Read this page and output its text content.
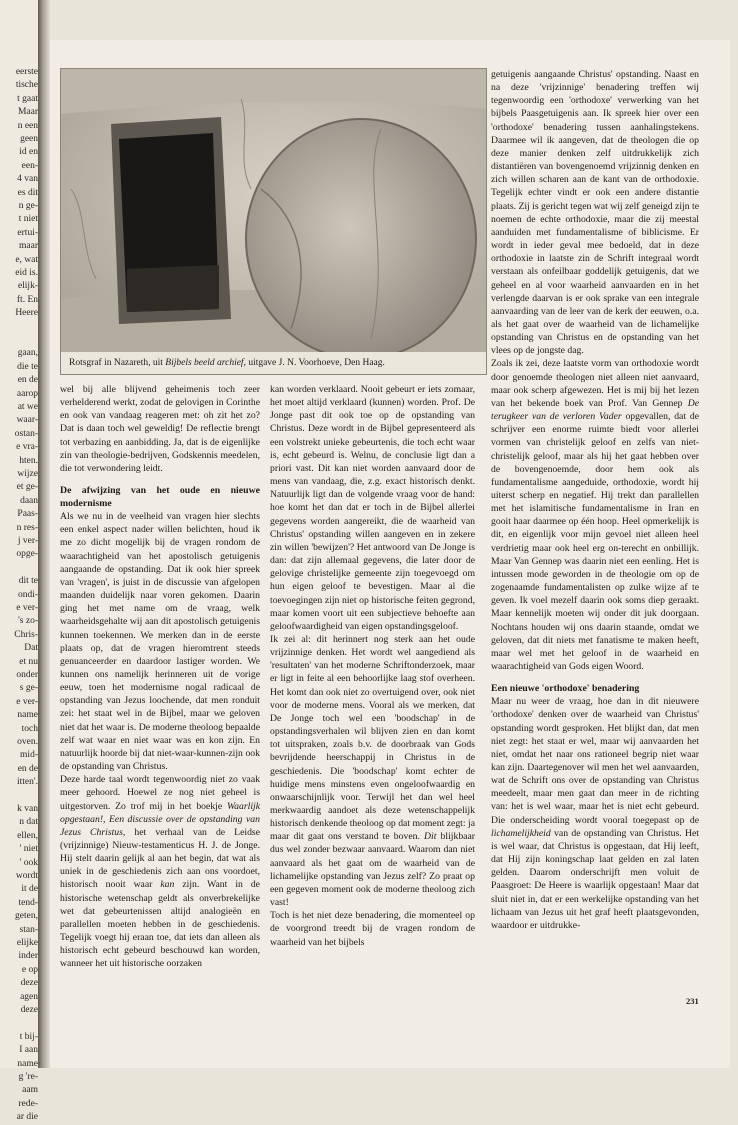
eerste
tische
t gaat
Maar
n een
geen
id en
een-
4 van
es dit
n ge-
t niet
ertui-
maar
e, wat
eid is.
elijk-
ft. En
Heere
gaan,
die te
en de
aarop
at we
waar-
ostan-
e vra-
hten.
wijze
et ge-
daan
Paas-
n res-
j ver-
opge-
dit te
ondi-
e ver-
's zo-
Chris-
Dat
et nu
onder
s ge-
e ver-
name
toch
oven.
mid-
en de
itten'.
k van
n dat
ellen,
' niet
' ook
wordt
it de
tend-
geten,
stan-
elijke
inder
e op
deze
agen
deze
t bij-
I aan
name
g 're-
aam
rede-
ar die
Rotsgraf in Nazareth, uit Bijbels beeld archief, uitgave J. N. Voorhoeve, Den Haag.

wel bij alle blijvend geheimenis toch zeer verhelderend werkt, zodat de gelovigen in Corinthe en ook van vandaag reageren met: oh zit het zo? Dat is daan toch wel geweldig! De reflectie brengt tot verbazing en aanbidding. Ja, dat is de eigenlijke zin van theologie-bedrijven, Godskennis meedelen, die tot verwondering leidt.

De afwijzing van het oude en nieuwe modernisme

Als we nu in de veelheid van vragen hier slechts een enkel aspect nader willen belichten, houd ik me zo dicht mogelijk bij de vragen rondom de waarachtigheid van het apostolisch getuigenis aangaande de opstanding. Dat ik ook hier spreek van 'vragen', is juist in de discussie van afgelopen maanden duidelijk naar voren gekomen. Daarin ging het met name om de vraag, welk waarheidsgehalte wij aan dit apostolisch getuigenis kunnen toekennen. We merken dan in de eerste plaats op, dat de vragen hieromtrent steeds genuanceerder en daardoor lastiger worden. We kunnen ons namelijk herinneren uit de vorige eeuw, toen het modernisme nogal radicaal de opstanding van Jezus loochende, dat men ronduit zei: het staat wel in de Bijbel, maar we geloven niet dat het waar is. De moderne theoloog bepaalde zelf wat waar en niet waar was en kon zijn. En natuurlijk hoorde bij dat niet-waar-kunnen-zijn ook de opstanding van Christus.

Deze harde taal wordt tegenwoordig niet zo vaak meer gehoord. Hoewel ze nog niet geheel is uitgestorven. Zo trof mij in het boekje Waarlijk opgestaan!, Een discussie over de opstanding van Jezus Christus, het verhaal van de Leidse (vrijzinnige) Nieuw-testamenticus H. J. de Jonge. Hij stelt daarin gelijk al aan het begin, dat wat als uniek in de geschiedenis zich aan ons voordoet, historisch nooit waar kan zijn. Want in de historische wetenschap geldt als onverbrekelijke wet dat gebeurtenissen altijd analogieën en parallellen moeten hebben in de geschiedenis. Tegelijk voegt hij eraan toe, dat iets dan alleen als historisch echt gebeurd beschouwd kan worden, wanneer het uit historische oorzaken

kan worden verklaard. Nooit gebeurt er iets zomaar, het moet altijd verklaard (kunnen) worden. Prof. De Jonge past dit ook toe op de opstanding van Christus. Deze wordt in de Bijbel gepresenteerd als een volstrekt unieke gebeurtenis, die toch echt waar is, echt gebeurd is. Welnu, de conclusie ligt dan a priori vast. Dit kan niet worden aanvaard door de mens van vandaag, die, z.g. exact historisch denkt. Natuurlijk ligt dan de volgende vraag voor de hand: hoe komt het dan dat er toch in de Bijbel allerlei gegevens worden aangereikt, die de waarheid van Christus' opstanding willen aangeven en in zekere zin willen 'bewijzen'? Het antwoord van De Jonge is dan: dat zijn allemaal gegevens, die later door de gelovige christelijke gemeente zijn toegevoegd om hun eigen geloof te bevestigen. Maar al die toevoegingen zijn niet op historische feiten gegrond, maar komen voort uit een subjectieve behoefte aan geloofwaardigheid van eigen opstandingsgeloof.

Ik zei al: dit herinnert nog sterk aan het oude vrijzinnige denken. Het wordt wel aangediend als 'resultaten' van het moderne Schriftonderzoek, maar er ligt in feite al een behoorlijke laag stof overheen. Het komt dan ook niet zo overtuigend over, ook niet voor de moderne mens. Vooral als we merken, dat De Jonge toch wel een 'boodschap' in de opstandingsverhalen wil blijven zien en dan komt tot uitspraken, zoals b.v. de doorbraak van Gods bevrijdende heerschappij in Christus in de geschiedenis. Die 'boodschap' komt echter de huidige mens minstens even ongeloofwaardig en onwaarschijnlijk voor. Terwijl het dan wel heel merkwaardig aandoet als deze wetenschappelijk historisch denkende theoloog op dat moment zegt: ja maar dit gaat ons verstand te boven. Dit blijkbaar dus wel zonder bezwaar aanvaard. Waarom dan niet aanvaard als het gaat om de waarheid van de lichamelijke opstanding van Jezus zelf? Zo praat op een gegeven moment ook de moderne theoloog zich vast!

Toch is het niet deze benadering, die momenteel op de voorgrond treedt bij de vragen rondom de waarheid van het bijbels

getuigenis aangaande Christus' opstanding. Naast en na deze 'vrijzinnige' benadering treffen wij tegenwoordig een 'orthodoxe' verwerking van het bijbels Paasgetuigenis aan. Ik spreek hier over een 'orthodoxe' benadering tussen aanhalingstekens. Daarmee wil ik aangeven, dat de theologen die op deze manier denken zelf uitdrukkelijk zich distantiëren van bovengenoemd vrijzinnig denken en zich willen scharen aan de kant van de orthodoxie. Tegelijk echter vindt er ook een andere distantie plaats. Zij is gericht tegen wat wij zelf geneigd zijn te noemen de echte orthodoxie, maar die zij meestal aanduiden met fundamentalisme of biblicisme. Er wordt in ieder geval mee bedoeld, dat in deze orthodoxie in laatste zin de Schrift integraal wordt verstaan als onfeilbaar goddelijk getuigenis, dat we geheel en al voor waarheid aanvaarden en in het verlengde daarvan is er ook sprake van een integrale aanvaarding van de leer van de kerk der eeuwen, o.a. als het gaat over de waarheid van de lichamelijke opstanding van Christus en de opstanding van het vlees op de jongste dag.

Zoals ik zei, deze laatste vorm van orthodoxie wordt door genoemde theologen niet alleen niet aanvaard, maar ook scherp afgewezen. Het is mij bij het lezen van het bekende boek van Prof. Van Gennep De terugkeer van de verloren Vader opgevallen, dat de schrijver een enorme ruimte biedt voor allerlei vormen van christelijk geloof en zelfs van niet-christelijk geloof, maar als hij het gaat hebben over de bovengenoemde, door hem ook als fundamentalisme aangeduide, orthodoxie, wordt hij uiterst scherp en negatief. Hij trekt dan parallellen met het islamitische fundamentalisme in Iran en gooit haar daarmee op één hoop. Heel opmerkelijk is dit, en eigenlijk voor mijn gevoel niet alleen heel verdrietig maar ook heel erg on-terecht en onbillijk. Maar Van Gennep was daarin niet een eenling. Het is intussen mode geworden in de theologie om op de zogenaamde fundamentalisten op zulke wijze af te geven. Ik voel mezelf daarin ook soms diep geraakt. Maar kennelijk moeten wij onder dit juk doorgaan. Nochtans houden wij ons daarin staande, omdat we geloven, dat dit niets met fanatisme te maken heeft, maar wel met het geloof in de waarheid en waarachtigheid van Gods eigen Woord.

Een nieuwe 'orthodoxe' benadering

Maar nu weer de vraag, hoe dan in dit nieuwere 'orthodoxe' denken over de waarheid van Christus' opstanding wordt gesproken. Het blijkt dan, dat men niet zegt: het staat er wel, maar wij aanvaarden het niet, omdat het naar ons rationeel begrip niet waar kan zijn. Daartegenover wil men het wel aanvaarden, wat de Schrift ons over de opstanding van Christus meedeelt, maar men gaat dan meer in de richting van: het is wel waar, maar het is niet echt gebeurd. Die onderscheiding wordt vooral toegepast op de lichamelijkheid van de opstanding van Christus. Het is wel waar, dat Christus is opgestaan, dat Hij leeft, dat Hij zijn koningschap laat gelden en zal laten gelden. Daarom onderschrijft men voluit de Paasgroet: De Heere is waarlijk opgestaan! Maar dat sluit niet in, dat er een werkelijke opstanding van het lichaam van Jezus uit het graf heeft plaatsgevonden, waardoor er uitdrukke-

231
